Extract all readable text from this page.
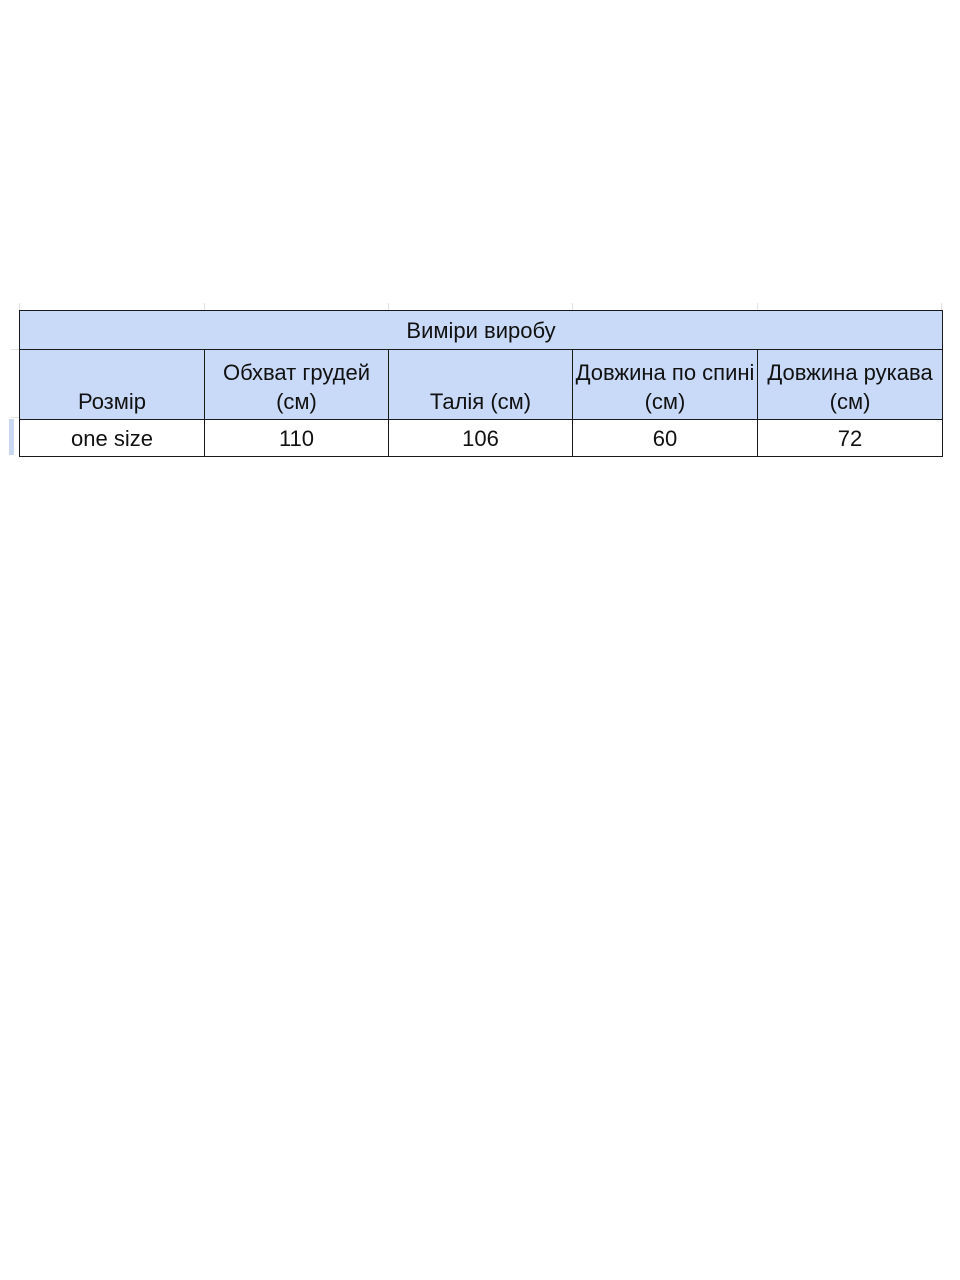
Виміри виробу				
Розмір	Обхват грудей (см)	Талія (см)	Довжина по спині (см)	Довжина рукава (см)
one size	110	106	60	72
